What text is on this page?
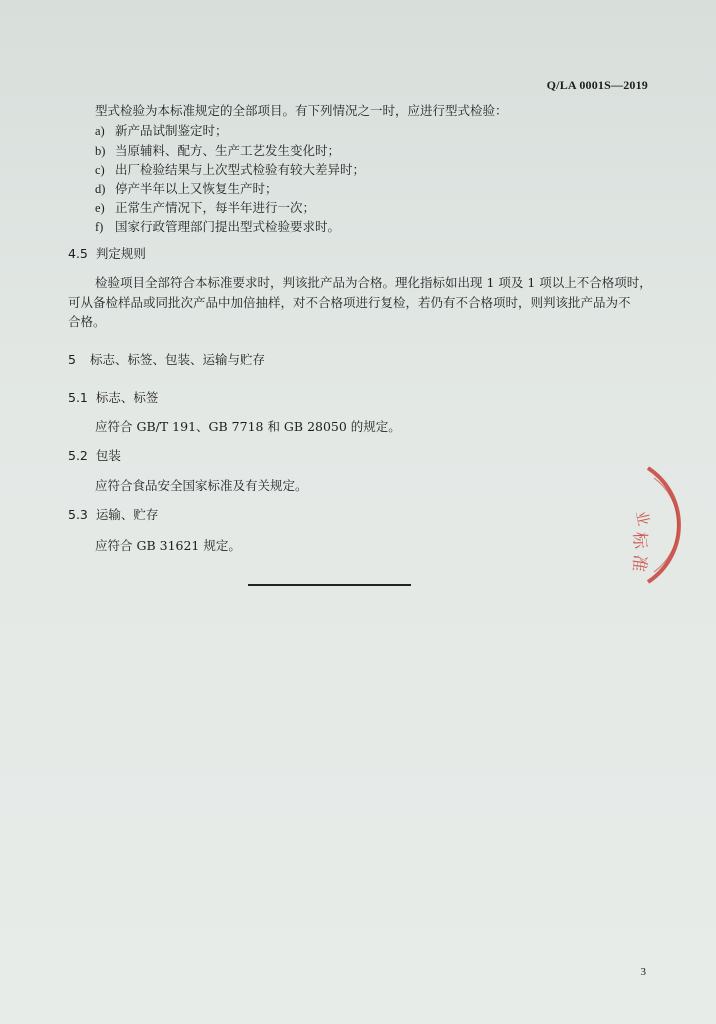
Q/LA 0001S—2019
型式检验为本标准规定的全部项目。有下列情况之一时，应进行型式检验：
a) 新产品试制鉴定时；
b) 当原辅料、配方、生产工艺发生变化时；
c) 出厂检验结果与上次型式检验有较大差异时；
d) 停产半年以上又恢复生产时；
e) 正常生产情况下，每半年进行一次；
f) 国家行政管理部门提出型式检验要求时。
4.5 判定规则
检验项目全部符合本标准要求时，判该批产品为合格。理化指标如出现 1 项及 1 项以上不合格项时，
可从备检样品或同批次产品中加倍抽样，对不合格项进行复检，若仍有不合格项时，则判该批产品为不
合格。
5 标志、标签、包装、运输与贮存
5.1 标志、标签
应符合 GB/T 191、GB 7718 和 GB 28050 的规定。
5.2 包装
应符合食品安全国家标准及有关规定。
5.3 运输、贮存
应符合 GB 31621 规定。
业
标
准
3
